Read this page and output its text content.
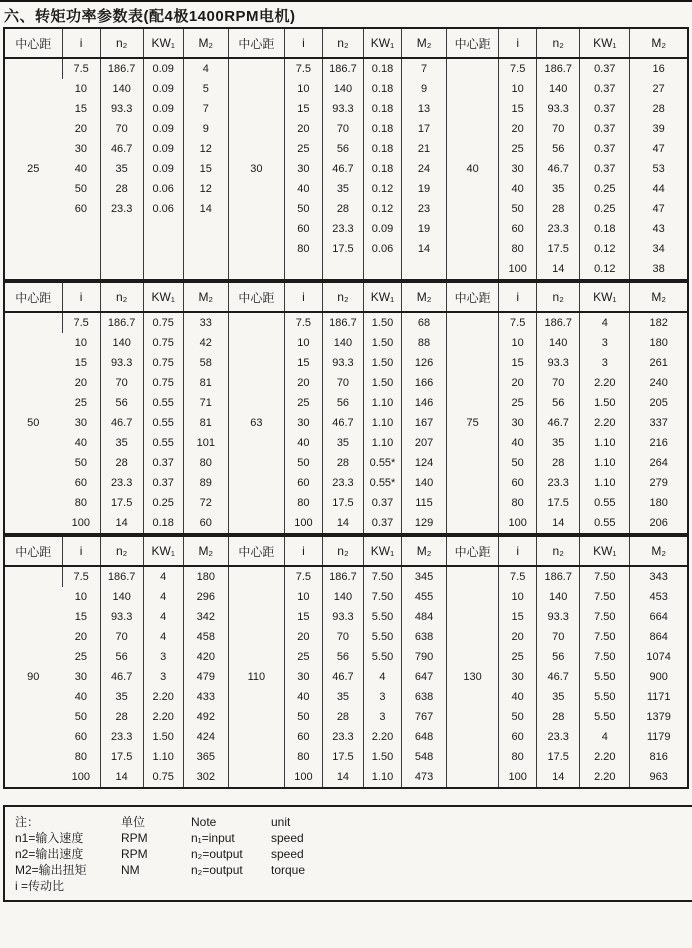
六、转矩功率参数表(配4极1400RPM电机)
中心距	i	n₂	KW₁	M₂	中心距	i	n₂	KW₁	M₂	中心距	i	n₂	KW₁	M₂
25	7.5	186.7	0.09	4	30	7.5	186.7	0.18	7	40	7.5	186.7	0.37	16
	10	140	0.09	5		10	140	0.18	9		10	140	0.37	27
	15	93.3	0.09	7		15	93.3	0.18	13		15	93.3	0.37	28
	20	70	0.09	9		20	70	0.18	17		20	70	0.37	39
	30	46.7	0.09	12		25	56	0.18	21		25	56	0.37	47
	40	35	0.09	15		30	46.7	0.18	24		30	46.7	0.37	53
	50	28	0.06	12		40	35	0.12	19		40	35	0.25	44
	60	23.3	0.06	14		50	28	0.12	23		50	28	0.25	47
						60	23.3	0.09	19		60	23.3	0.18	43
						80	17.5	0.06	14		80	17.5	0.12	34
											100	14	0.12	38
中心距	i	n₂	KW₁	M₂	中心距	i	n₂	KW₁	M₂	中心距	i	n₂	KW₁	M₂
50	7.5	186.7	0.75	33	63	7.5	186.7	1.50	68	75	7.5	186.7	4	182
	10	140	0.75	42		10	140	1.50	88		10	140	3	180
	15	93.3	0.75	58		15	93.3	1.50	126		15	93.3	3	261
	20	70	0.75	81		20	70	1.50	166		20	70	2.20	240
	25	56	0.55	71		25	56	1.10	146		25	56	1.50	205
	30	46.7	0.55	81		30	46.7	1.10	167		30	46.7	2.20	337
	40	35	0.55	101		40	35	1.10	207		40	35	1.10	216
	50	28	0.37	80		50	28	0.55*	124		50	28	1.10	264
	60	23.3	0.37	89		60	23.3	0.55*	140		60	23.3	1.10	279
	80	17.5	0.25	72		80	17.5	0.37	115		80	17.5	0.55	180
	100	14	0.18	60		100	14	0.37	129		100	14	0.55	206
中心距	i	n₂	KW₁	M₂	中心距	i	n₂	KW₁	M₂	中心距	i	n₂	KW₁	M₂
90	7.5	186.7	4	180	110	7.5	186.7	7.50	345	130	7.5	186.7	7.50	343
	10	140	4	296		10	140	7.50	455		10	140	7.50	453
	15	93.3	4	342		15	93.3	5.50	484		15	93.3	7.50	664
	20	70	4	458		20	70	5.50	638		20	70	7.50	864
	25	56	3	420		25	56	5.50	790		25	56	7.50	1074
	30	46.7	3	479		30	46.7	4	647		30	46.7	5.50	900
	40	35	2.20	433		40	35	3	638		40	35	5.50	1171
	50	28	2.20	492		50	28	3	767		50	28	5.50	1379
	60	23.3	1.50	424		60	23.3	2.20	648		60	23.3	4	1179
	80	17.5	1.10	365		80	17.5	1.50	548		80	17.5	2.20	816
	100	14	0.75	302		100	14	1.10	473		100	14	2.20	963
注：	单位	Note	unit
n1=输入速度	RPM	n₁=input	speed
n2=输出速度	RPM	n₂=output	speed
M2=输出扭矩	NM	n₂=output	torque
i =传动比
